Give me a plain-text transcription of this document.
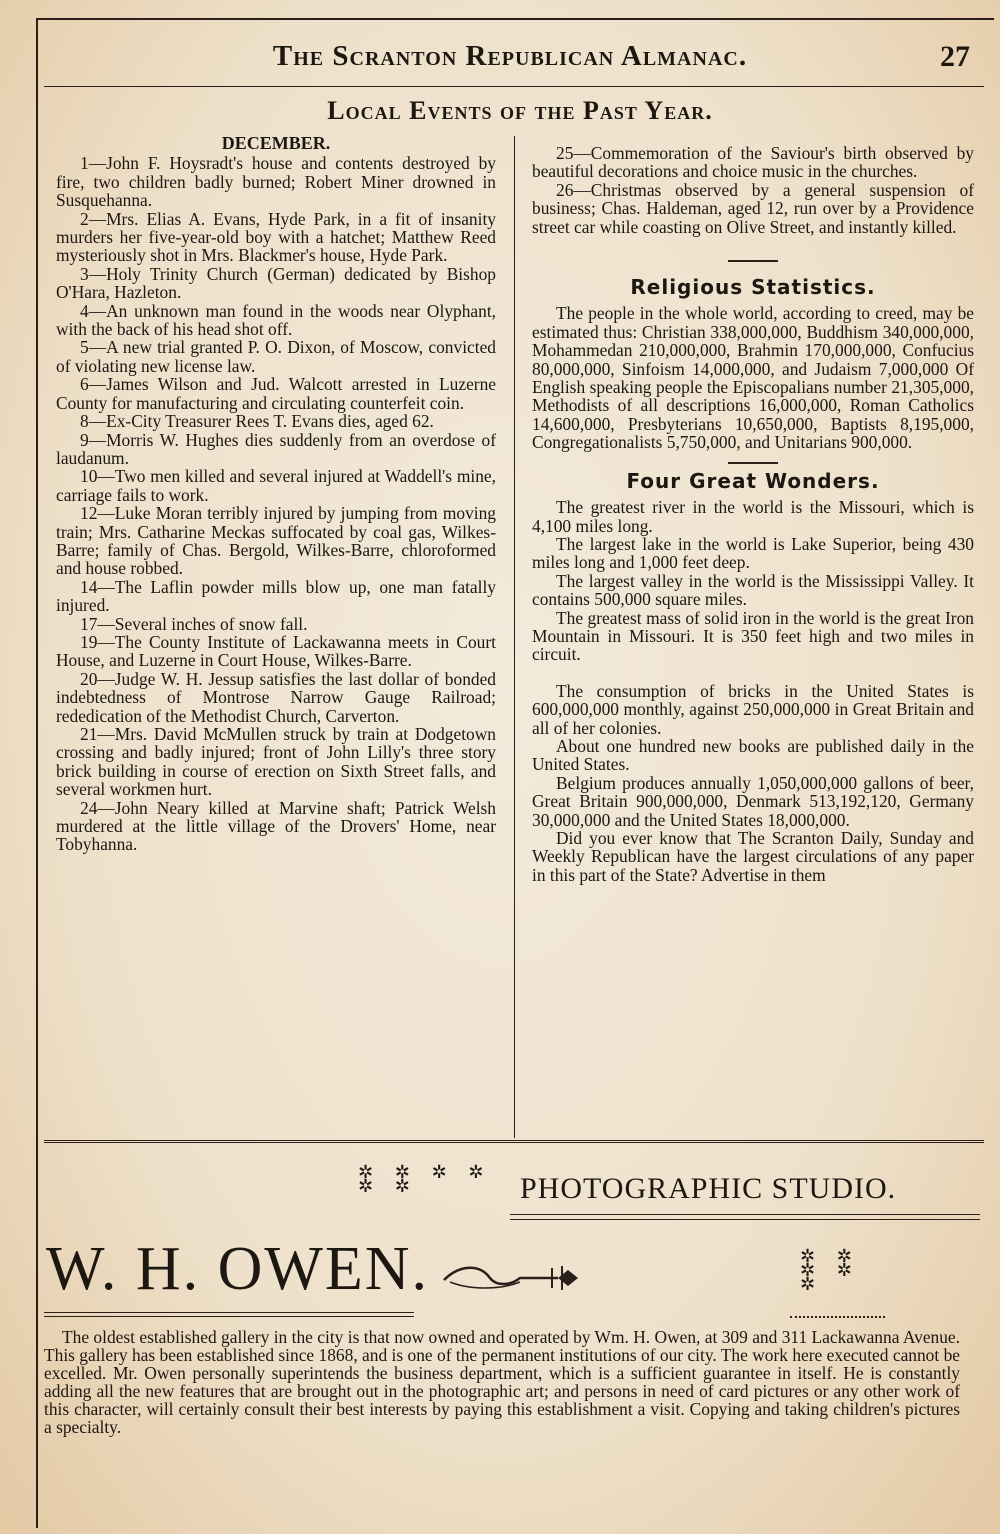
The Scranton Republican Almanac.	27
Local Events of the Past Year.
DECEMBER.

1—John F. Hoysradt's house and contents destroyed by fire, two children badly burned; Robert Miner drowned in Susquehanna.

2—Mrs. Elias A. Evans, Hyde Park, in a fit of insanity murders her five-year-old boy with a hatchet; Matthew Reed mysteriously shot in Mrs. Blackmer's house, Hyde Park.

3—Holy Trinity Church (German) dedicated by Bishop O'Hara, Hazleton.

4—An unknown man found in the woods near Olyphant, with the back of his head shot off.

5—A new trial granted P. O. Dixon, of Moscow, convicted of violating new license law.

6—James Wilson and Jud. Walcott arrested in Luzerne County for manufacturing and circulating counterfeit coin.

8—Ex-City Treasurer Rees T. Evans dies, aged 62.

9—Morris W. Hughes dies suddenly from an overdose of laudanum.

10—Two men killed and several injured at Waddell's mine, carriage fails to work.

12—Luke Moran terribly injured by jumping from moving train; Mrs. Catharine Meckas suffocated by coal gas, Wilkes-Barre; family of Chas. Bergold, Wilkes-Barre, chloroformed and house robbed.

14—The Laflin powder mills blow up, one man fatally injured.

17—Several inches of snow fall.

19—The County Institute of Lackawanna meets in Court House, and Luzerne in Court House, Wilkes-Barre.

20—Judge W. H. Jessup satisfies the last dollar of bonded indebtedness of Montrose Narrow Gauge Railroad; rededication of the Methodist Church, Carverton.

21—Mrs. David McMullen struck by train at Dodgetown crossing and badly injured; front of John Lilly's three story brick building in course of erection on Sixth Street falls, and several workmen hurt.

24—John Neary killed at Marvine shaft; Patrick Welsh murdered at the little village of the Drovers' Home, near Tobyhanna.

25—Commemoration of the Saviour's birth observed by beautiful decorations and choice music in the churches.

26—Christmas observed by a general suspension of business; Chas. Haldeman, aged 12, run over by a Providence street car while coasting on Olive Street, and instantly killed.

Religious Statistics.

The people in the whole world, according to creed, may be estimated thus: Christian 338,000,000, Buddhism 340,000,000, Mohammedan 210,000,000, Brahmin 170,000,000, Confucius 80,000,000, Sinfoism 14,000,000, and Judaism 7,000,000 Of English speaking people the Episcopalians number 21,305,000, Methodists of all descriptions 16,000,000, Roman Catholics 14,600,000, Presbyterians 10,650,000, Baptists 8,195,000, Congregationalists 5,750,000, and Unitarians 900,000.

Four Great Wonders.

The greatest river in the world is the Missouri, which is 4,100 miles long.

The largest lake in the world is Lake Superior, being 430 miles long and 1,000 feet deep.

The largest valley in the world is the Mississippi Valley. It contains 500,000 square miles.

The greatest mass of solid iron in the world is the great Iron Mountain in Missouri. It is 350 feet high and two miles in circuit.

The consumption of bricks in the United States is 600,000,000 monthly, against 250,000,000 in Great Britain and all of her colonies.

About one hundred new books are published daily in the United States.

Belgium produces annually 1,050,000,000 gallons of beer, Great Britain 900,000,000, Denmark 513,192,120, Germany 30,000,000 and the United States 18,000,000.

Did you ever know that The Scranton Daily, Sunday and Weekly Republican have the largest circulations of any paper in this part of the State? Advertise in them

✲ ✲ ✲ ✲ ✲ ✲	PHOTOGRAPHIC STUDIO.
W. H. OWEN.	✲ ✲ ✲ ✲ ✲

The oldest established gallery in the city is that now owned and operated by Wm. H. Owen, at 309 and 311 Lackawanna Avenue. This gallery has been established since 1868, and is one of the permanent institutions of our city. The work here executed cannot be excelled. Mr. Owen personally superintends the business department, which is a sufficient guarantee in itself. He is constantly adding all the new features that are brought out in the photographic art; and persons in need of card pictures or any other work of this character, will certainly consult their best interests by paying this establishment a visit. Copying and taking children's pictures a specialty.
